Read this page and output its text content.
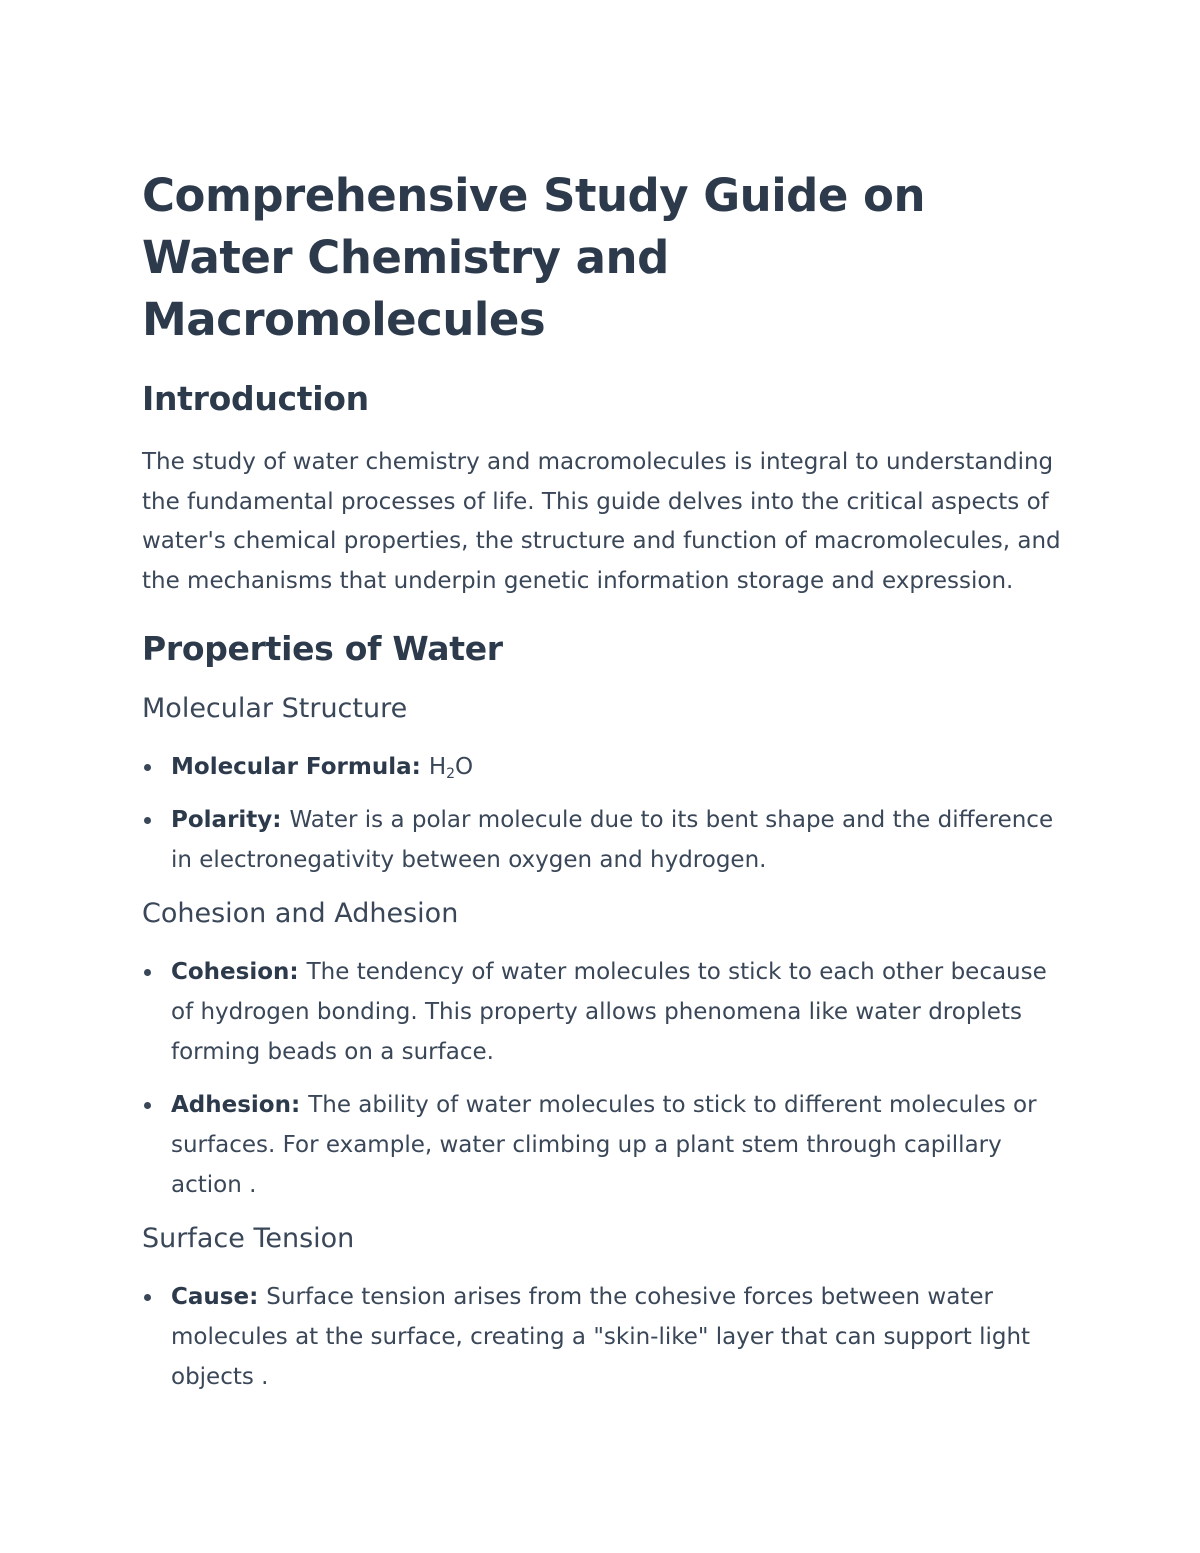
Comprehensive Study Guide on Water Chemistry and Macromolecules
Introduction

The study of water chemistry and macromolecules is integral to understanding the fundamental processes of life. This guide delves into the critical aspects of water's chemical properties, the structure and function of macromolecules, and the mechanisms that underpin genetic information storage and expression.

Properties of Water
Molecular Structure
Molecular Formula: $H_2O$
Polarity: Water is a polar molecule due to its bent shape and the difference in electronegativity between oxygen and hydrogen.
Cohesion and Adhesion
Cohesion: The tendency of water molecules to stick to each other because of hydrogen bonding. This property allows phenomena like water droplets forming beads on a surface.
Adhesion: The ability of water molecules to stick to different molecules or surfaces. For example, water climbing up a plant stem through capillary action .
Surface Tension
Cause: Surface tension arises from the cohesive forces between water molecules at the surface, creating a "skin-like" layer that can support light objects .
